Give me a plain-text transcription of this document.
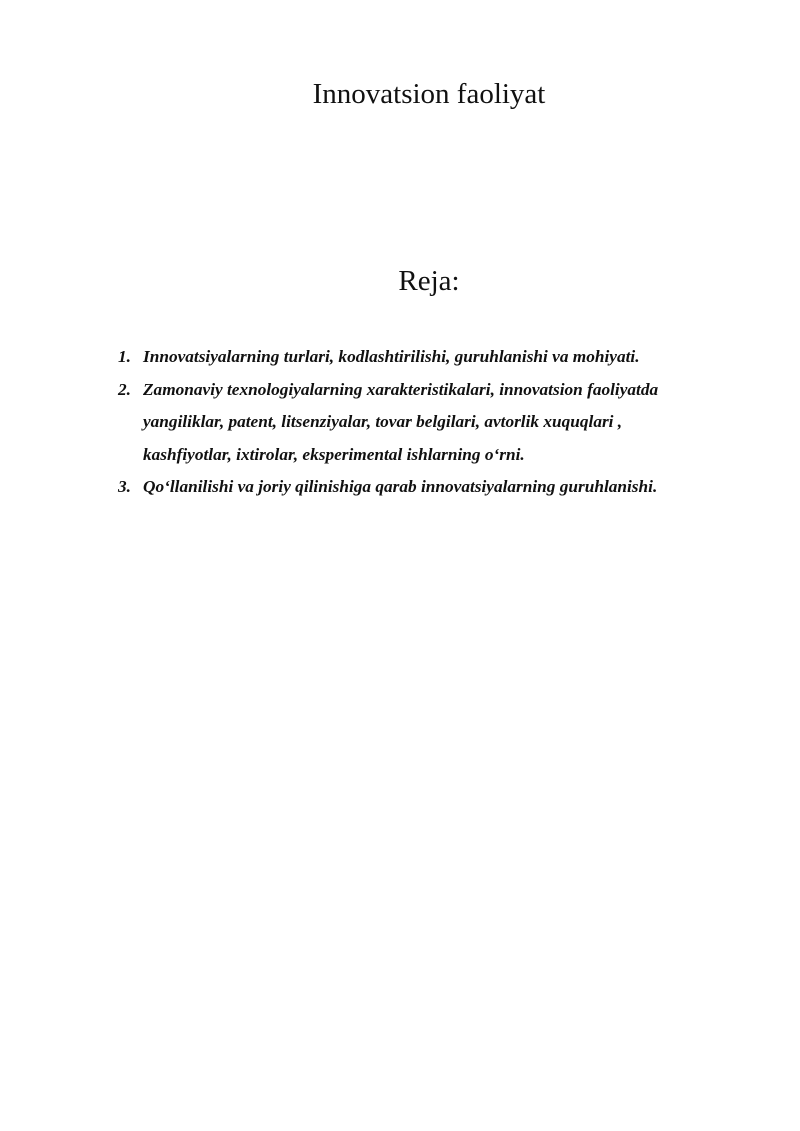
Innovatsion faoliyat
Reja:
1. Innovatsiyalarning turlari, kodlashtirilishi, guruhlanishi va mohiyati.
2. Zamonaviy texnologiyalarning xarakteristikalari, innovatsion faoliyatda
yangiliklar, patent, litsenziyalar, tovar belgilari, avtorlik xuquqlari ,
kashfiyotlar, ixtirolar, eksperimental ishlarning o‘rni.
3. Qo‘llanilishi va joriy qilinishiga qarab innovatsiyalarning guruhlanishi.
